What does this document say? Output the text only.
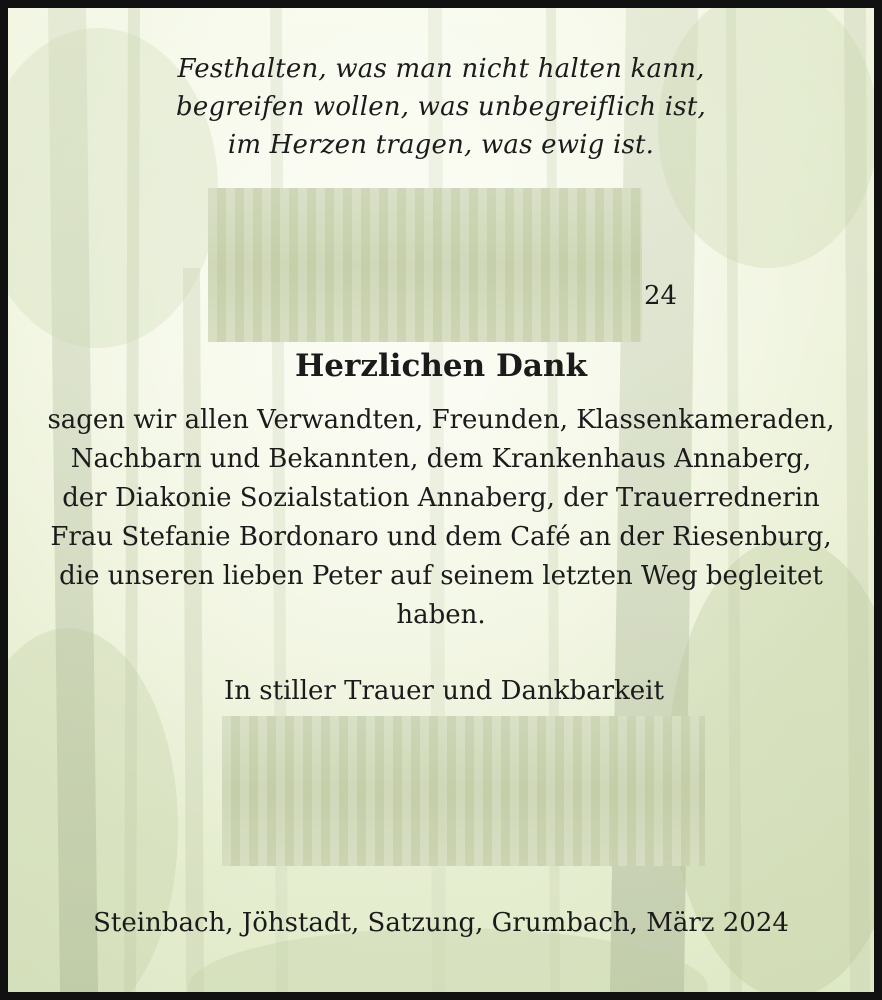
Festhalten, was man nicht halten kann,
begreifen wollen, was unbegreiflich ist,
im Herzen tragen, was ewig ist.
24
Herzlichen Dank
sagen wir allen Verwandten, Freunden, Klassenkameraden,
Nachbarn und Bekannten, dem Krankenhaus Annaberg,
der Diakonie Sozialstation Annaberg, der Trauerrednerin
Frau Stefanie Bordonaro und dem Café an der Riesenburg,
die unseren lieben Peter auf seinem letzten Weg begleitet
haben.
In stiller Trauer und Dankbarkeit
Steinbach, Jöhstadt, Satzung, Grumbach, März 2024
